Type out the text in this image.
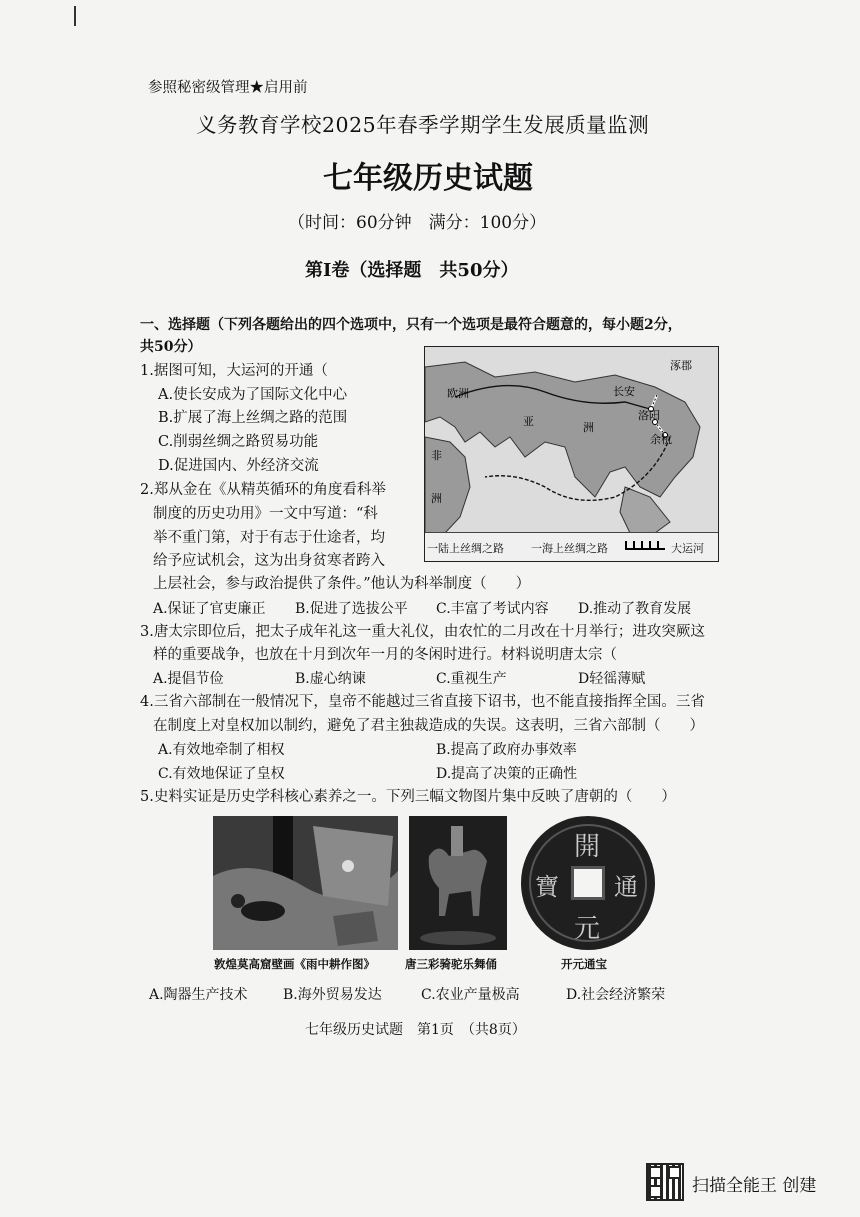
参照秘密级管理★启用前
义务教育学校2025年春季学期学生发展质量监测
七年级历史试题
（时间：60分钟　满分：100分）
第Ⅰ卷（选择题　共50分）
一、选择题（下列各题给出的四个选项中，只有一个选项是最符合题意的，每小题2分，
共50分）
1.据图可知，大运河的开通（
A.使长安成为了国际文化中心
B.扩展了海上丝绸之路的范围
C.削弱丝绸之路贸易功能
D.促进国内、外经济交流
欧洲
亚	洲
非
洲
涿郡
长安
洛阳
余杭
一陆上丝绸之路 一海上丝绸之路	大运河
2.郑从金在《从精英循环的角度看科举
制度的历史功用》一文中写道：“科
举不重门第，对于有志于仕途者，均
给予应试机会，这为出身贫寒者跨入
上层社会，参与政治提供了条件。”他认为科举制度（　　）
A.保证了官吏廉正 B.促进了选拔公平 C.丰富了考试内容 D.推动了教育发展
3.唐太宗即位后，把太子成年礼这一重大礼仪，由农忙的二月改在十月举行；进攻突厥这
样的重要战争，也放在十月到次年一月的冬闲时进行。材料说明唐太宗（
A.提倡节俭	B.虚心纳谏	C.重视生产	D轻徭薄赋
4.三省六部制在一般情况下，皇帝不能越过三省直接下诏书，也不能直接指挥全国。三省
在制度上对皇权加以制约，避免了君主独裁造成的失误。这表明，三省六部制（　　）
A.有效地牵制了相权	B.提高了政府办事效率
C.有效地保证了皇权	D.提高了决策的正确性
5.史料实证是历史学科核心素养之一。下列三幅文物图片集中反映了唐朝的（　　）
開
通
元
寶
敦煌莫高窟壁画《雨中耕作图》	唐三彩骑驼乐舞俑	开元通宝
A.陶器生产技术	B.海外贸易发达	C.农业产量极高	D.社会经济繁荣
七年级历史试题　第1页　（共8页）
扫描全能王 创建
